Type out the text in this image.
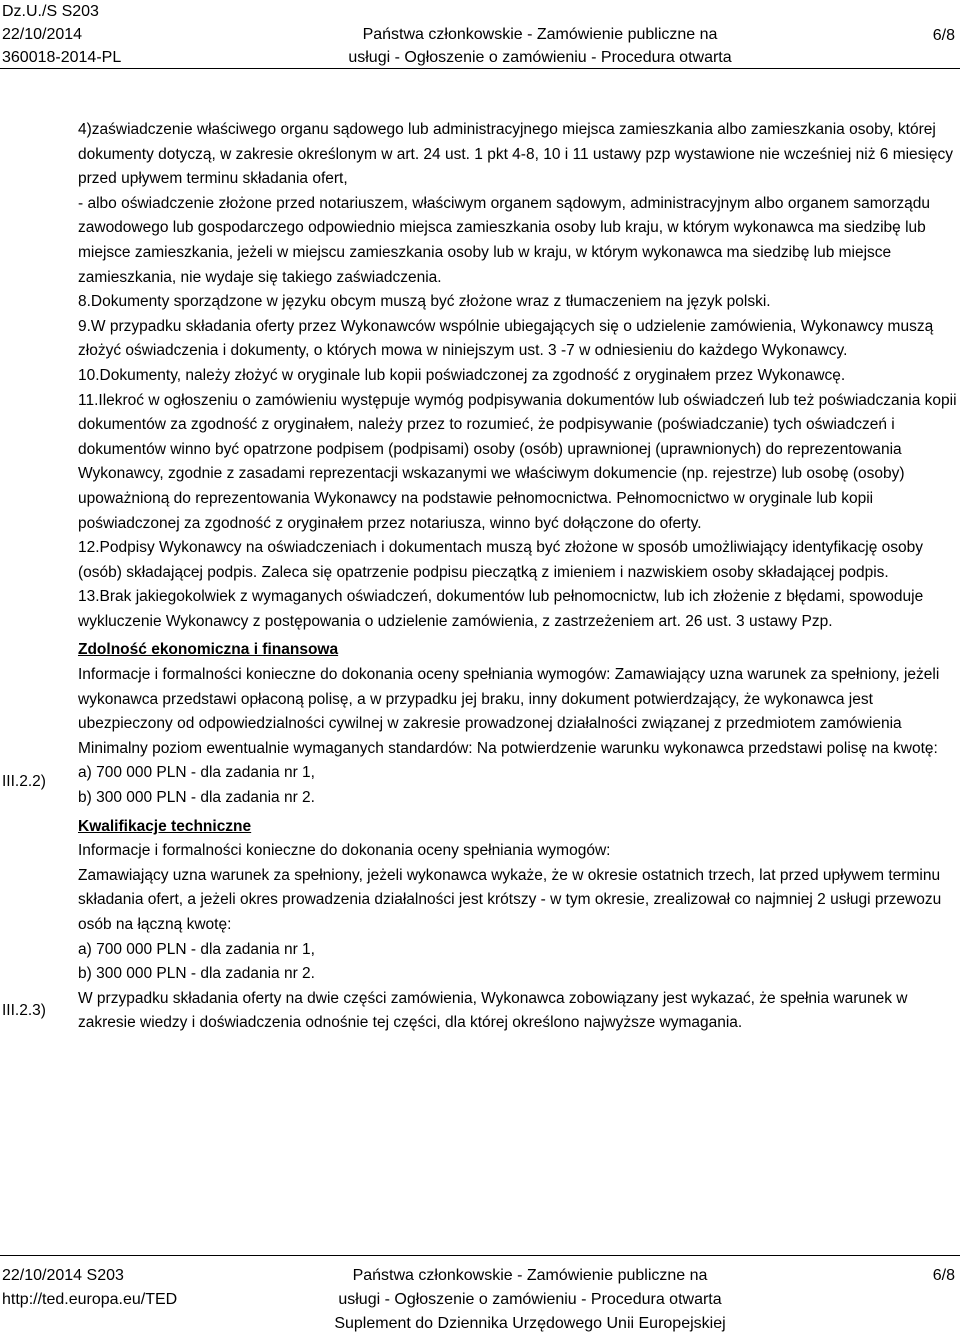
Dz.U./S S203
22/10/2014
360018-2014-PL
Państwa członkowskie - Zamówienie publiczne na
usługi - Ogłoszenie o zamówieniu - Procedura otwarta
6/8
III.2.2)
III.2.3)

4)zaświadczenie właściwego organu sądowego lub administracyjnego miejsca zamieszkania albo zamieszkania osoby, której dokumenty dotyczą, w zakresie określonym w art. 24 ust. 1 pkt 4-8, 10 i 11 ustawy pzp wystawione nie wcześniej niż 6 miesięcy przed upływem terminu składania ofert,

- albo oświadczenie złożone przed notariuszem, właściwym organem sądowym, administracyjnym albo organem samorządu zawodowego lub gospodarczego odpowiednio miejsca zamieszkania osoby lub kraju, w którym wykonawca ma siedzibę lub miejsce zamieszkania, jeżeli w miejscu zamieszkania osoby lub w kraju, w którym wykonawca ma siedzibę lub miejsce zamieszkania, nie wydaje się takiego zaświadczenia.

8.Dokumenty sporządzone w języku obcym muszą być złożone wraz z tłumaczeniem na język polski.

9.W przypadku składania oferty przez Wykonawców wspólnie ubiegających się o udzielenie zamówienia, Wykonawcy muszą złożyć oświadczenia i dokumenty, o których mowa w niniejszym ust. 3 -7 w odniesieniu do każdego Wykonawcy.

10.Dokumenty, należy złożyć w oryginale lub kopii poświadczonej za zgodność z oryginałem przez Wykonawcę.

11.Ilekroć w ogłoszeniu o zamówieniu występuje wymóg podpisywania dokumentów lub oświadczeń lub też poświadczania kopii dokumentów za zgodność z oryginałem, należy przez to rozumieć, że podpisywanie (poświadczanie) tych oświadczeń i dokumentów winno być opatrzone podpisem (podpisami) osoby (osób) uprawnionej (uprawnionych) do reprezentowania Wykonawcy, zgodnie z zasadami reprezentacji wskazanymi we właściwym dokumencie (np. rejestrze) lub osobę (osoby) upoważnioną do reprezentowania Wykonawcy na podstawie pełnomocnictwa. Pełnomocnictwo w oryginale lub kopii poświadczonej za zgodność z oryginałem przez notariusza, winno być dołączone do oferty.

12.Podpisy Wykonawcy na oświadczeniach i dokumentach muszą być złożone w sposób umożliwiający identyfikację osoby (osób) składającej podpis. Zaleca się opatrzenie podpisu pieczątką z imieniem i nazwiskiem osoby składającej podpis.

13.Brak jakiegokolwiek z wymaganych oświadczeń, dokumentów lub pełnomocnictw, lub ich złożenie z błędami, spowoduje wykluczenie Wykonawcy z postępowania o udzielenie zamówienia, z zastrzeżeniem art. 26 ust. 3 ustawy Pzp.

Zdolność ekonomiczna i finansowa

Informacje i formalności konieczne do dokonania oceny spełniania wymogów: Zamawiający uzna warunek za spełniony, jeżeli wykonawca przedstawi opłaconą polisę, a w przypadku jej braku, inny dokument potwierdzający, że wykonawca jest ubezpieczony od odpowiedzialności cywilnej w zakresie prowadzonej działalności związanej z przedmiotem zamówienia

Minimalny poziom ewentualnie wymaganych standardów: Na potwierdzenie warunku wykonawca przedstawi polisę na kwotę:

a) 700 000 PLN - dla zadania nr 1,

b) 300 000 PLN - dla zadania nr 2.

Kwalifikacje techniczne

Informacje i formalności konieczne do dokonania oceny spełniania wymogów:

Zamawiający uzna warunek za spełniony, jeżeli wykonawca wykaże, że w okresie ostatnich trzech, lat przed upływem terminu składania ofert, a jeżeli okres prowadzenia działalności jest krótszy - w tym okresie, zrealizował co najmniej 2 usługi przewozu osób na łączną kwotę:

a) 700 000 PLN - dla zadania nr 1,

b) 300 000 PLN - dla zadania nr 2.

W przypadku składania oferty na dwie części zamówienia, Wykonawca zobowiązany jest wykazać, że spełnia warunek w zakresie wiedzy i doświadczenia odnośnie tej części, dla której określono najwyższe wymagania.

22/10/2014 S203
http://ted.europa.eu/TED
Państwa członkowskie - Zamówienie publiczne na
usługi - Ogłoszenie o zamówieniu - Procedura otwarta
Suplement do Dziennika Urzędowego Unii Europejskiej
6/8
